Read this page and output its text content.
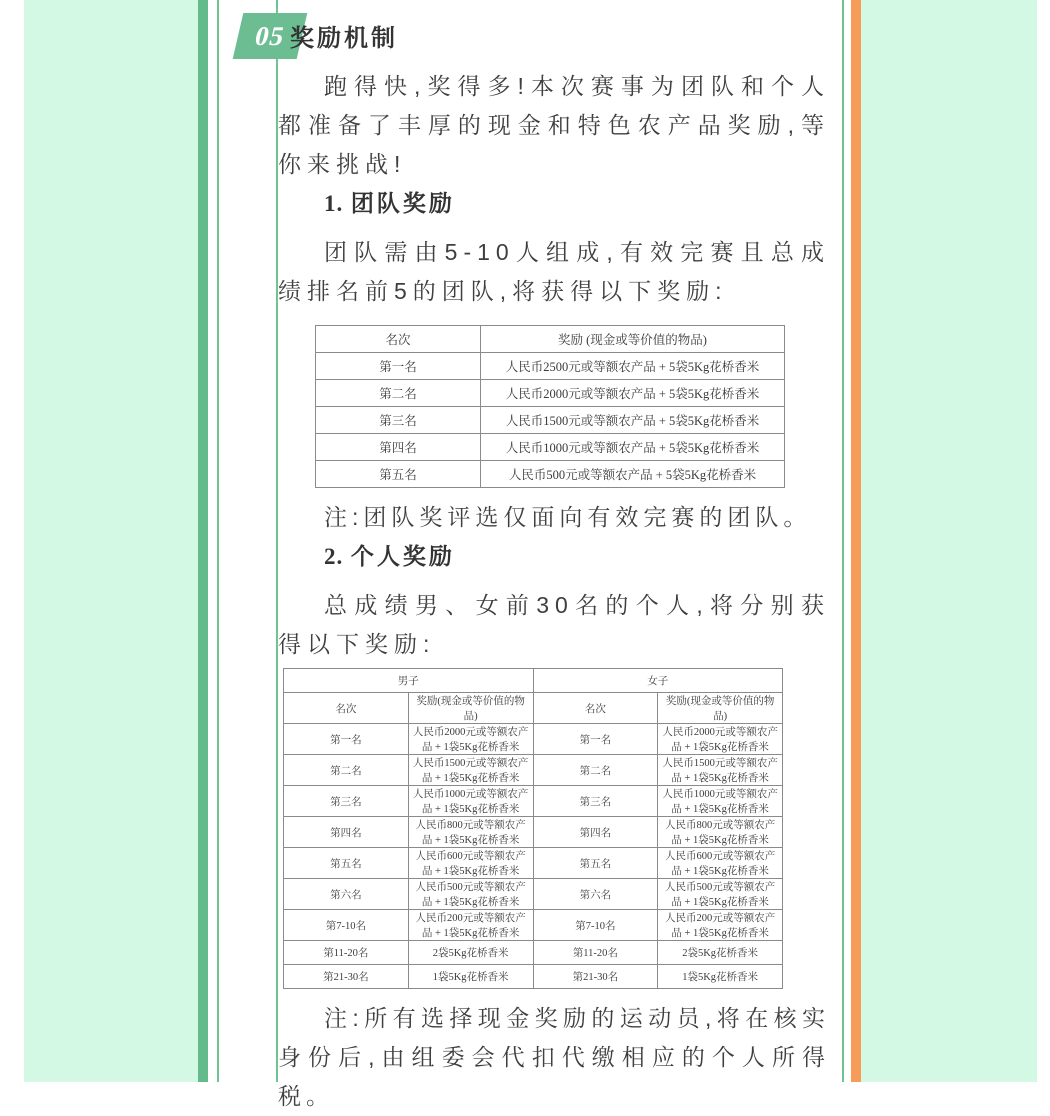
05 奖励机制

跑得快,奖得多!本次赛事为团队和个人都准备了丰厚的现金和特色农产品奖励,等你来挑战!

1.  团队奖励

团队需由5-10人组成,有效完赛且总成绩排名前5的团队,将获得以下奖励:

名次	奖励 (现金或等价值的物品)
第一名	人民币2500元或等额农产品 + 5袋5Kg花桥香米
第二名	人民币2000元或等额农产品 + 5袋5Kg花桥香米
第三名	人民币1500元或等额农产品 + 5袋5Kg花桥香米
第四名	人民币1000元或等额农产品 + 5袋5Kg花桥香米
第五名	人民币500元或等额农产品 + 5袋5Kg花桥香米

注:团队奖评选仅面向有效完赛的团队。

2.  个人奖励

总成绩男、女前30名的个人,将分别获得以下奖励:

男子		女子	
名次	奖励(现金或等价值的物品)	名次	奖励(现金或等价值的物品)
第一名	人民币2000元或等额农产品 + 1袋5Kg花桥香米	第一名	人民币2000元或等额农产品 + 1袋5Kg花桥香米
第二名	人民币1500元或等额农产品 + 1袋5Kg花桥香米	第二名	人民币1500元或等额农产品 + 1袋5Kg花桥香米
第三名	人民币1000元或等额农产品 + 1袋5Kg花桥香米	第三名	人民币1000元或等额农产品 + 1袋5Kg花桥香米
第四名	人民币800元或等额农产品 + 1袋5Kg花桥香米	第四名	人民币800元或等额农产品 + 1袋5Kg花桥香米
第五名	人民币600元或等额农产品 + 1袋5Kg花桥香米	第五名	人民币600元或等额农产品 + 1袋5Kg花桥香米
第六名	人民币500元或等额农产品 + 1袋5Kg花桥香米	第六名	人民币500元或等额农产品 + 1袋5Kg花桥香米
第7-10名	人民币200元或等额农产品 + 1袋5Kg花桥香米	第7-10名	人民币200元或等额农产品 + 1袋5Kg花桥香米
第11-20名	2袋5Kg花桥香米	第11-20名	2袋5Kg花桥香米
第21-30名	1袋5Kg花桥香米	第21-30名	1袋5Kg花桥香米

注:所有选择现金奖励的运动员,将在核实身份后,由组委会代扣代缴相应的个人所得税。
